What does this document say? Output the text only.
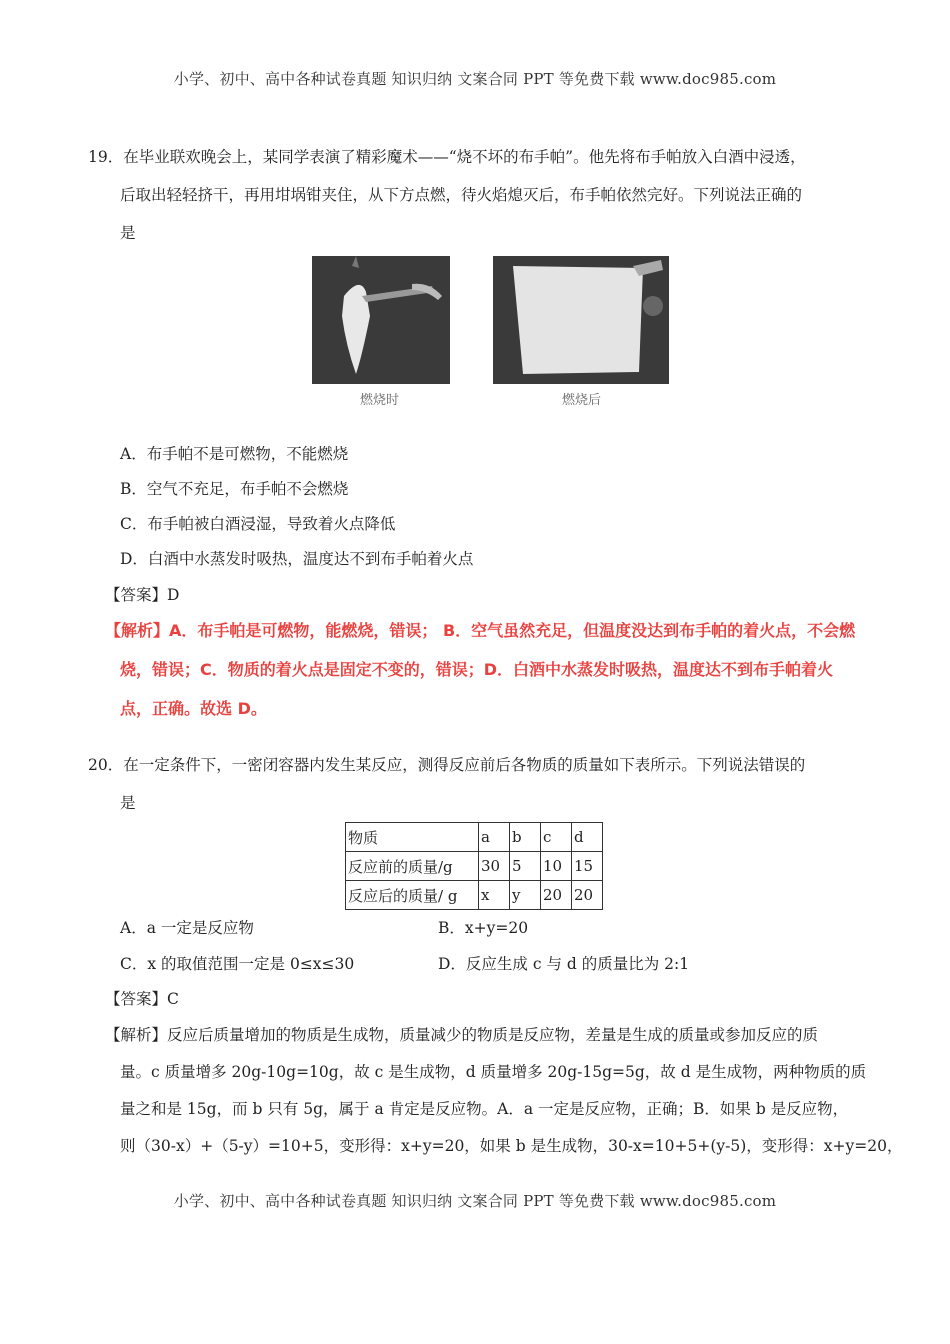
小学、初中、高中各种试卷真题 知识归纳 文案合同 PPT 等免费下载 www.doc985.com
19．在毕业联欢晚会上，某同学表演了精彩魔术——“烧不坏的布手帕”。他先将布手帕放入白酒中浸透，
后取出轻轻挤干，再用坩埚钳夹住，从下方点燃，待火焰熄灭后，布手帕依然完好。下列说法正确的
是
燃烧时	燃烧后
A．布手帕不是可燃物，不能燃烧
B．空气不充足，布手帕不会燃烧
C．布手帕被白酒浸湿，导致着火点降低
D．白酒中水蒸发时吸热，温度达不到布手帕着火点
【答案】D
【解析】A．布手帕是可燃物，能燃烧，错误； B．空气虽然充足，但温度没达到布手帕的着火点，不会燃
烧，错误；C．物质的着火点是固定不变的，错误；D．白酒中水蒸发时吸热，温度达不到布手帕着火
点，正确。故选 D。
20．在一定条件下，一密闭容器内发生某反应，测得反应前后各物质的质量如下表所示。下列说法错误的
是
物质	a	b	c	d
反应前的质量/g	30	5	10	15
反应后的质量/ g	x	y	20	20
A．a 一定是反应物	B．x+y=20
C．x 的取值范围一定是 0≤x≤30	D．反应生成 c 与 d 的质量比为 2:1
【答案】C
【解析】反应后质量增加的物质是生成物，质量减少的物质是反应物，差量是生成的质量或参加反应的质
量。c 质量增多 20g-10g=10g，故 c 是生成物，d 质量增多 20g-15g=5g，故 d 是生成物，两种物质的质
量之和是 15g，而 b 只有 5g，属于 a 肯定是反应物。A．a 一定是反应物，正确；B．如果 b 是反应物，
则（30-x）+（5-y）=10+5，变形得：x+y=20，如果 b 是生成物，30-x=10+5+(y-5)，变形得：x+y=20，
小学、初中、高中各种试卷真题 知识归纳 文案合同 PPT 等免费下载 www.doc985.com
